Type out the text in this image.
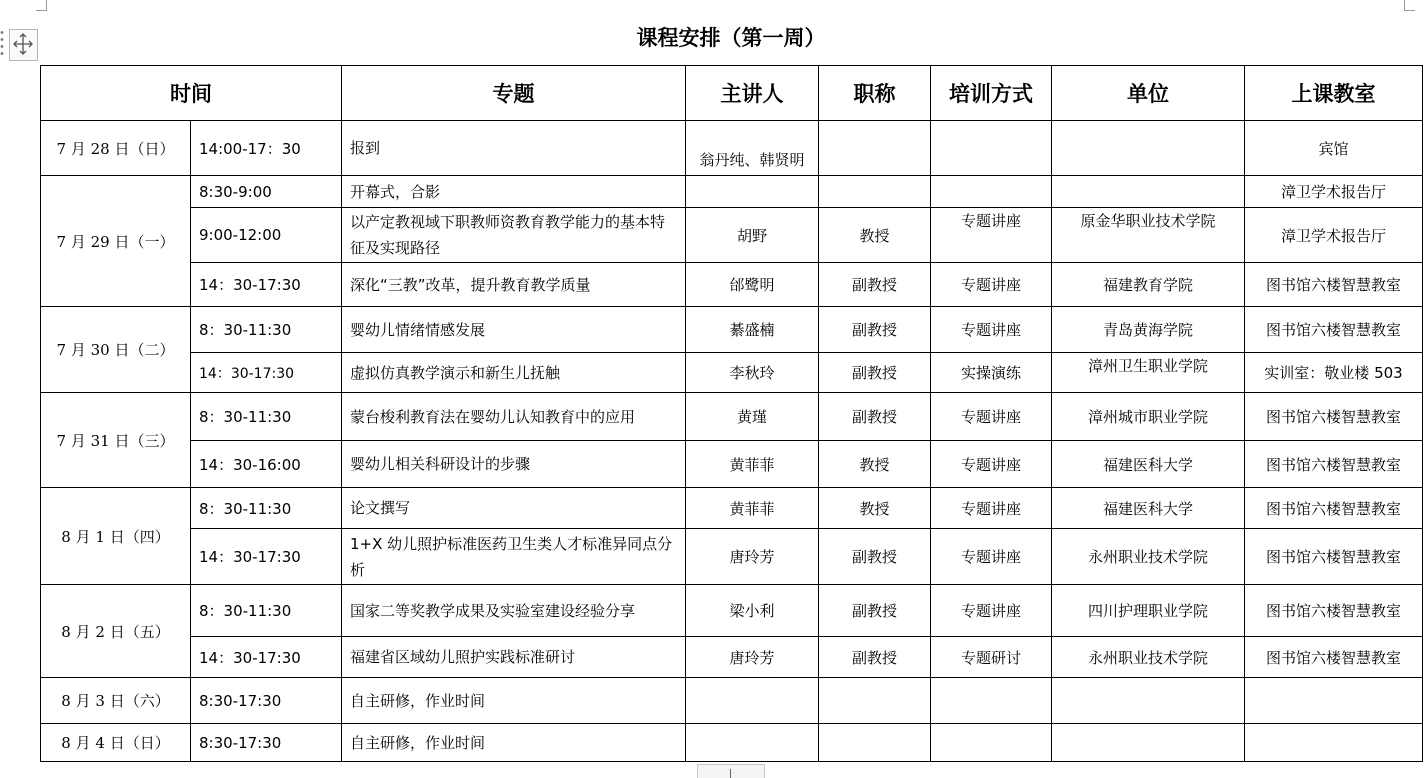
课程安排（第一周）
时间		专题	主讲人	职称	培训方式	单位	上课教室
7 月 28 日（日）	14:00-17：30	报到	翁丹纯、韩贤明				宾馆
7 月 29 日（一）	8:30-9:00	开幕式，合影					漳卫学术报告厅
	9:00-12:00	以产定教视域下职教师资教育教学能力的基本特征及实现路径	胡野	教授	专题讲座	原金华职业技术学院	漳卫学术报告厅
	14：30-17:30	深化“三教”改革，提升教育教学质量	邰鹭明	副教授	专题讲座	福建教育学院	图书馆六楼智慧教室
7 月 30 日（二）	8：30-11:30	婴幼儿情绪情感发展	綦盛楠	副教授	专题讲座	青岛黄海学院	图书馆六楼智慧教室
	14：30-17:30	虚拟仿真教学演示和新生儿抚触	李秋玲	副教授	实操演练	漳州卫生职业学院	实训室：敬业楼 503
7 月 31 日（三）	8：30-11:30	蒙台梭利教育法在婴幼儿认知教育中的应用	黄瑾	副教授	专题讲座	漳州城市职业学院	图书馆六楼智慧教室
	14：30-16:00	婴幼儿相关科研设计的步骤	黄菲菲	教授	专题讲座	福建医科大学	图书馆六楼智慧教室
8 月 1 日（四）	8：30-11:30	论文撰写	黄菲菲	教授	专题讲座	福建医科大学	图书馆六楼智慧教室
	14：30-17:30	1+X 幼儿照护标准医药卫生类人才标准异同点分析	唐玲芳	副教授	专题讲座	永州职业技术学院	图书馆六楼智慧教室
8 月 2 日（五）	8：30-11:30	国家二等奖教学成果及实验室建设经验分享	梁小利	副教授	专题讲座	四川护理职业学院	图书馆六楼智慧教室
	14：30-17:30	福建省区域幼儿照护实践标准研讨	唐玲芳	副教授	专题研讨	永州职业技术学院	图书馆六楼智慧教室
8 月 3 日（六）	8:30-17:30	自主研修，作业时间					
8 月 4 日（日）	8:30-17:30	自主研修，作业时间					
